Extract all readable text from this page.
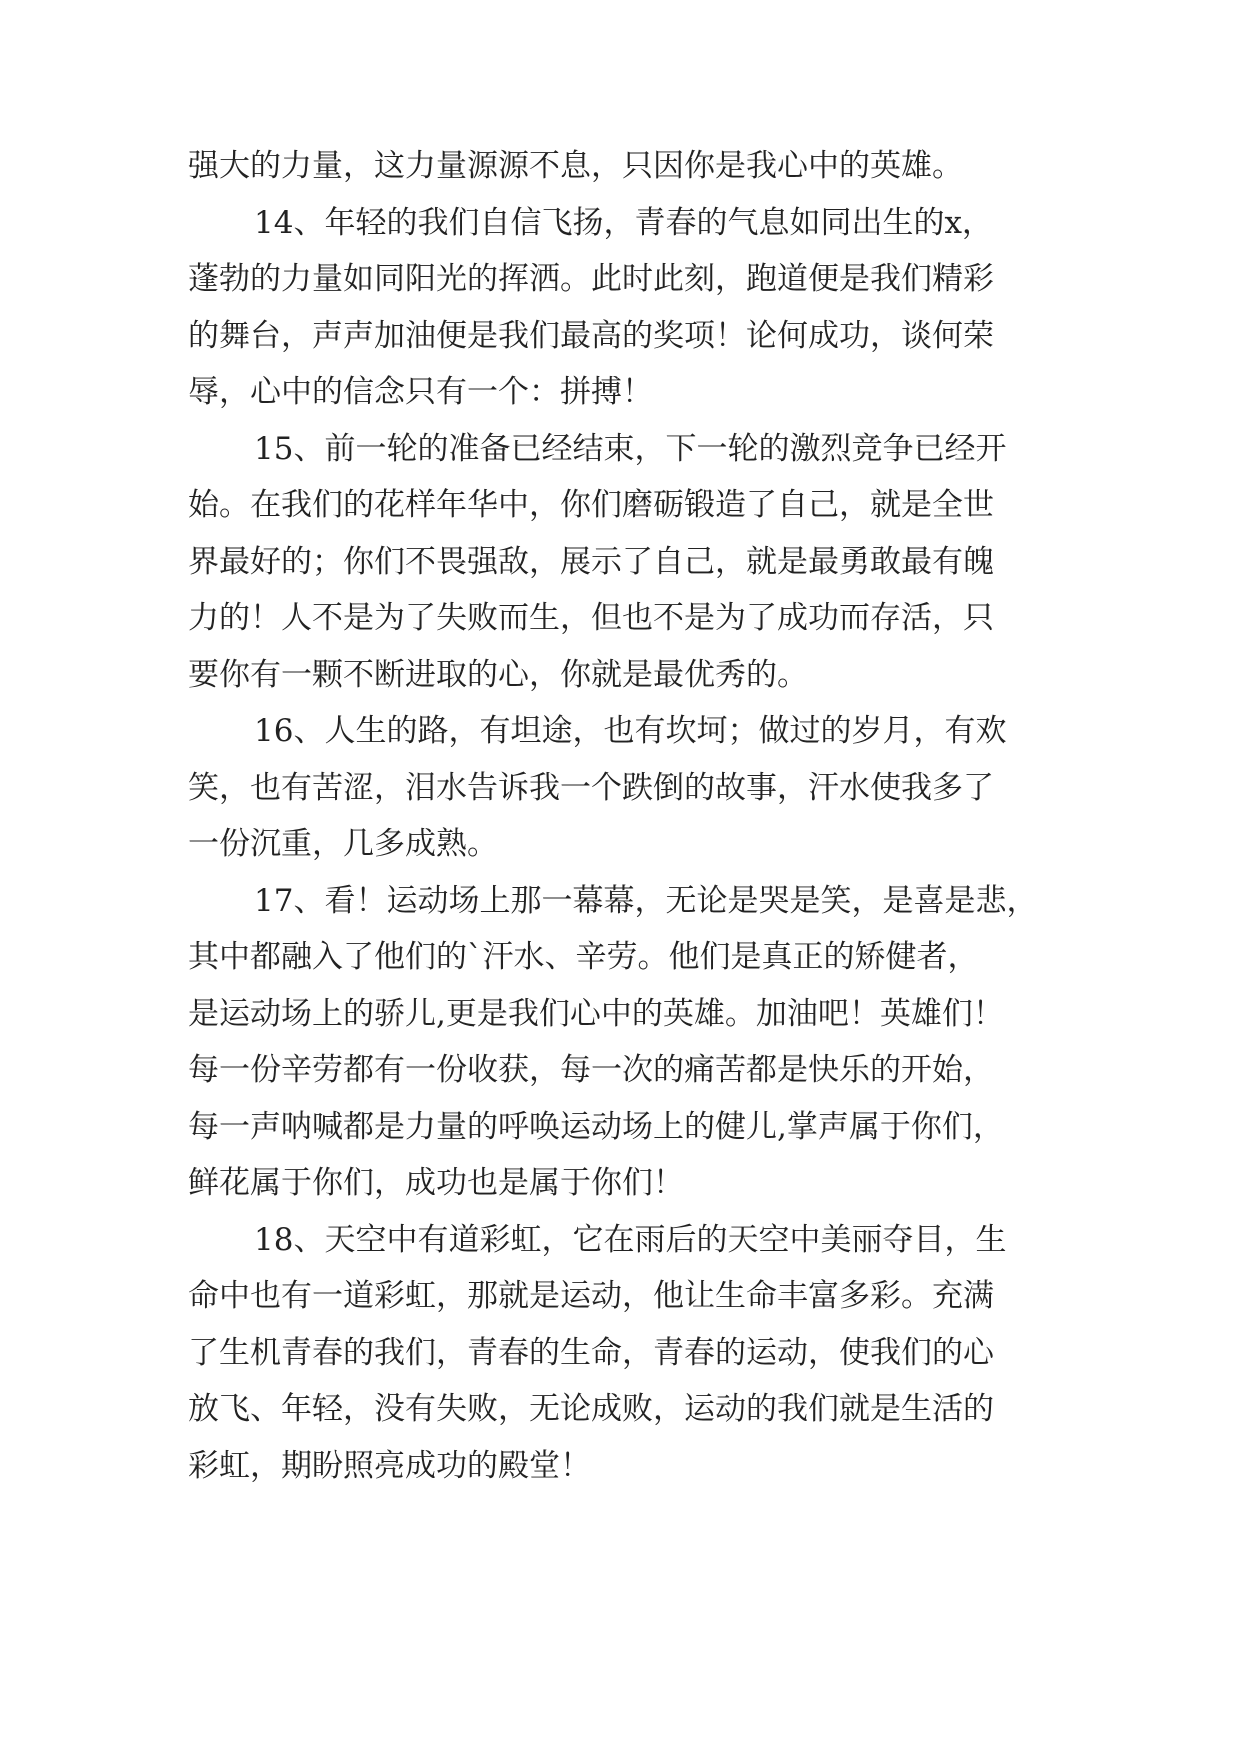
强大的力量，这力量源源不息，只因你是我心中的英雄。
14、年轻的我们自信飞扬，青春的气息如同出生的x，
蓬勃的力量如同阳光的挥洒。此时此刻，跑道便是我们精彩
的舞台，声声加油便是我们最高的奖项！论何成功，谈何荣
辱，心中的信念只有一个：拼搏！
15、前一轮的准备已经结束，下一轮的激烈竞争已经开
始。在我们的花样年华中，你们磨砺锻造了自己，就是全世
界最好的；你们不畏强敌，展示了自己，就是最勇敢最有魄
力的！人不是为了失败而生，但也不是为了成功而存活，只
要你有一颗不断进取的心，你就是最优秀的。
16、人生的路，有坦途，也有坎坷；做过的岁月，有欢
笑，也有苦涩，泪水告诉我一个跌倒的故事，汗水使我多了
一份沉重，几多成熟。
17、看！运动场上那一幕幕，无论是哭是笑，是喜是悲，
其中都融入了他们的`汗水、辛劳。他们是真正的矫健者，
是运动场上的骄儿,更是我们心中的英雄。加油吧！英雄们！
每一份辛劳都有一份收获，每一次的痛苦都是快乐的开始，
每一声呐喊都是力量的呼唤运动场上的健儿,掌声属于你们，
鲜花属于你们，成功也是属于你们！
18、天空中有道彩虹，它在雨后的天空中美丽夺目，生
命中也有一道彩虹，那就是运动，他让生命丰富多彩。充满
了生机青春的我们，青春的生命，青春的运动，使我们的心
放飞、年轻，没有失败，无论成败，运动的我们就是生活的
彩虹，期盼照亮成功的殿堂！
